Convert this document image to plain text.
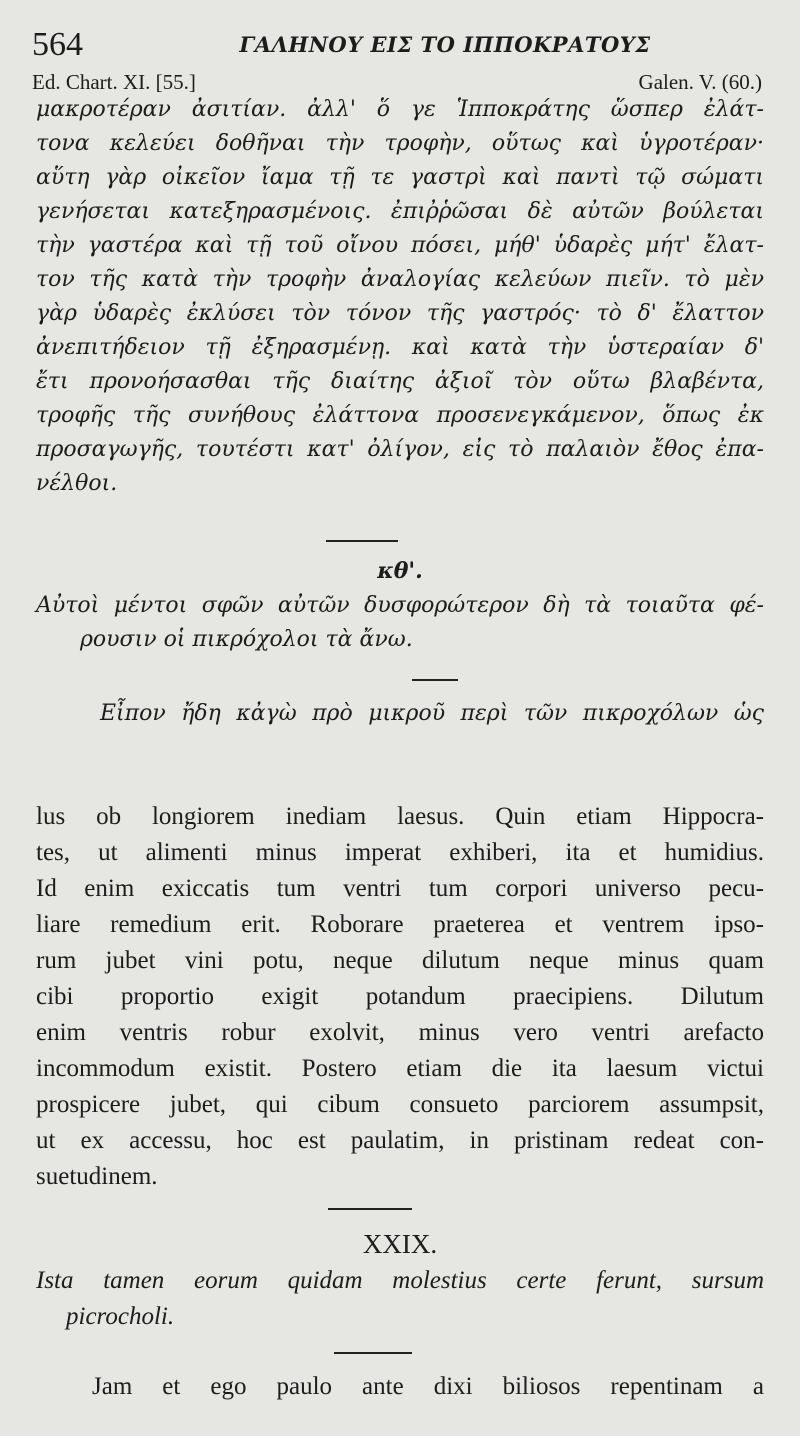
564	ΓΑΛΗΝΟΥ ΕΙΣ ΤΟ ΙΠΠΟΚΡΑΤΟΥΣ
Ed. Chart. XI. [55.]	Galen. V. (60.)
μακροτέραν ἀσιτίαν. ἀλλ' ὅ γε Ἱπποκράτης ὥσπερ ἐλάτ-
τονα κελεύει δοθῆναι τὴν τροφὴν, οὕτως καὶ ὑγροτέραν·
αὕτη γὰρ οἰκεῖον ἴαμα τῇ τε γαστρὶ καὶ παντὶ τῷ σώματι
γενήσεται κατεξηρασμένοις. ἐπιῤῥῶσαι δὲ αὐτῶν βούλεται
τὴν γαστέρα καὶ τῇ τοῦ οἴνου πόσει, μήθ' ὑδαρὲς μήτ' ἔλατ-
τον τῆς κατὰ τὴν τροφὴν ἀναλογίας κελεύων πιεῖν. τὸ μὲν
γὰρ ὑδαρὲς ἐκλύσει τὸν τόνον τῆς γαστρός· τὸ δ' ἔλαττον
ἀνεπιτήδειον τῇ ἐξηρασμένῃ. καὶ κατὰ τὴν ὑστεραίαν δ'
ἔτι προνοήσασθαι τῆς διαίτης ἀξιοῖ τὸν οὕτω βλαβέντα,
τροφῆς τῆς συνήθους ἐλάττονα προσενεγκάμενον, ὅπως ἐκ
προσαγωγῆς, τουτέστι κατ' ὀλίγον, εἰς τὸ παλαιὸν ἔθος ἐπα-
νέλθοι.
κθ'.
Αὐτοὶ μέντοι σφῶν αὐτῶν δυσφορώτερον δὴ τὰ τοιαῦτα φέ-
ρουσιν οἱ πικρόχολοι τὰ ἄνω.
Εἶπον ἤδη κἀγὼ πρὸ μικροῦ περὶ τῶν πικροχόλων ὡς
lus ob longiorem inediam laesus. Quin etiam Hippocra-
tes, ut alimenti minus imperat exhiberi, ita et humidius.
Id enim exiccatis tum ventri tum corpori universo pecu-
liare remedium erit. Roborare praeterea et ventrem ipso-
rum jubet vini potu, neque dilutum neque minus quam
cibi proportio exigit potandum praecipiens. Dilutum
enim ventris robur exolvit, minus vero ventri arefacto
incommodum existit. Postero etiam die ita laesum victui
prospicere jubet, qui cibum consueto parciorem assumpsit,
ut ex accessu, hoc est paulatim, in pristinam redeat con-
suetudinem.
XXIX.
Ista tamen eorum quidam molestius certe ferunt, sursum
picrocholi.
Jam et ego paulo ante dixi biliosos repentinam a
